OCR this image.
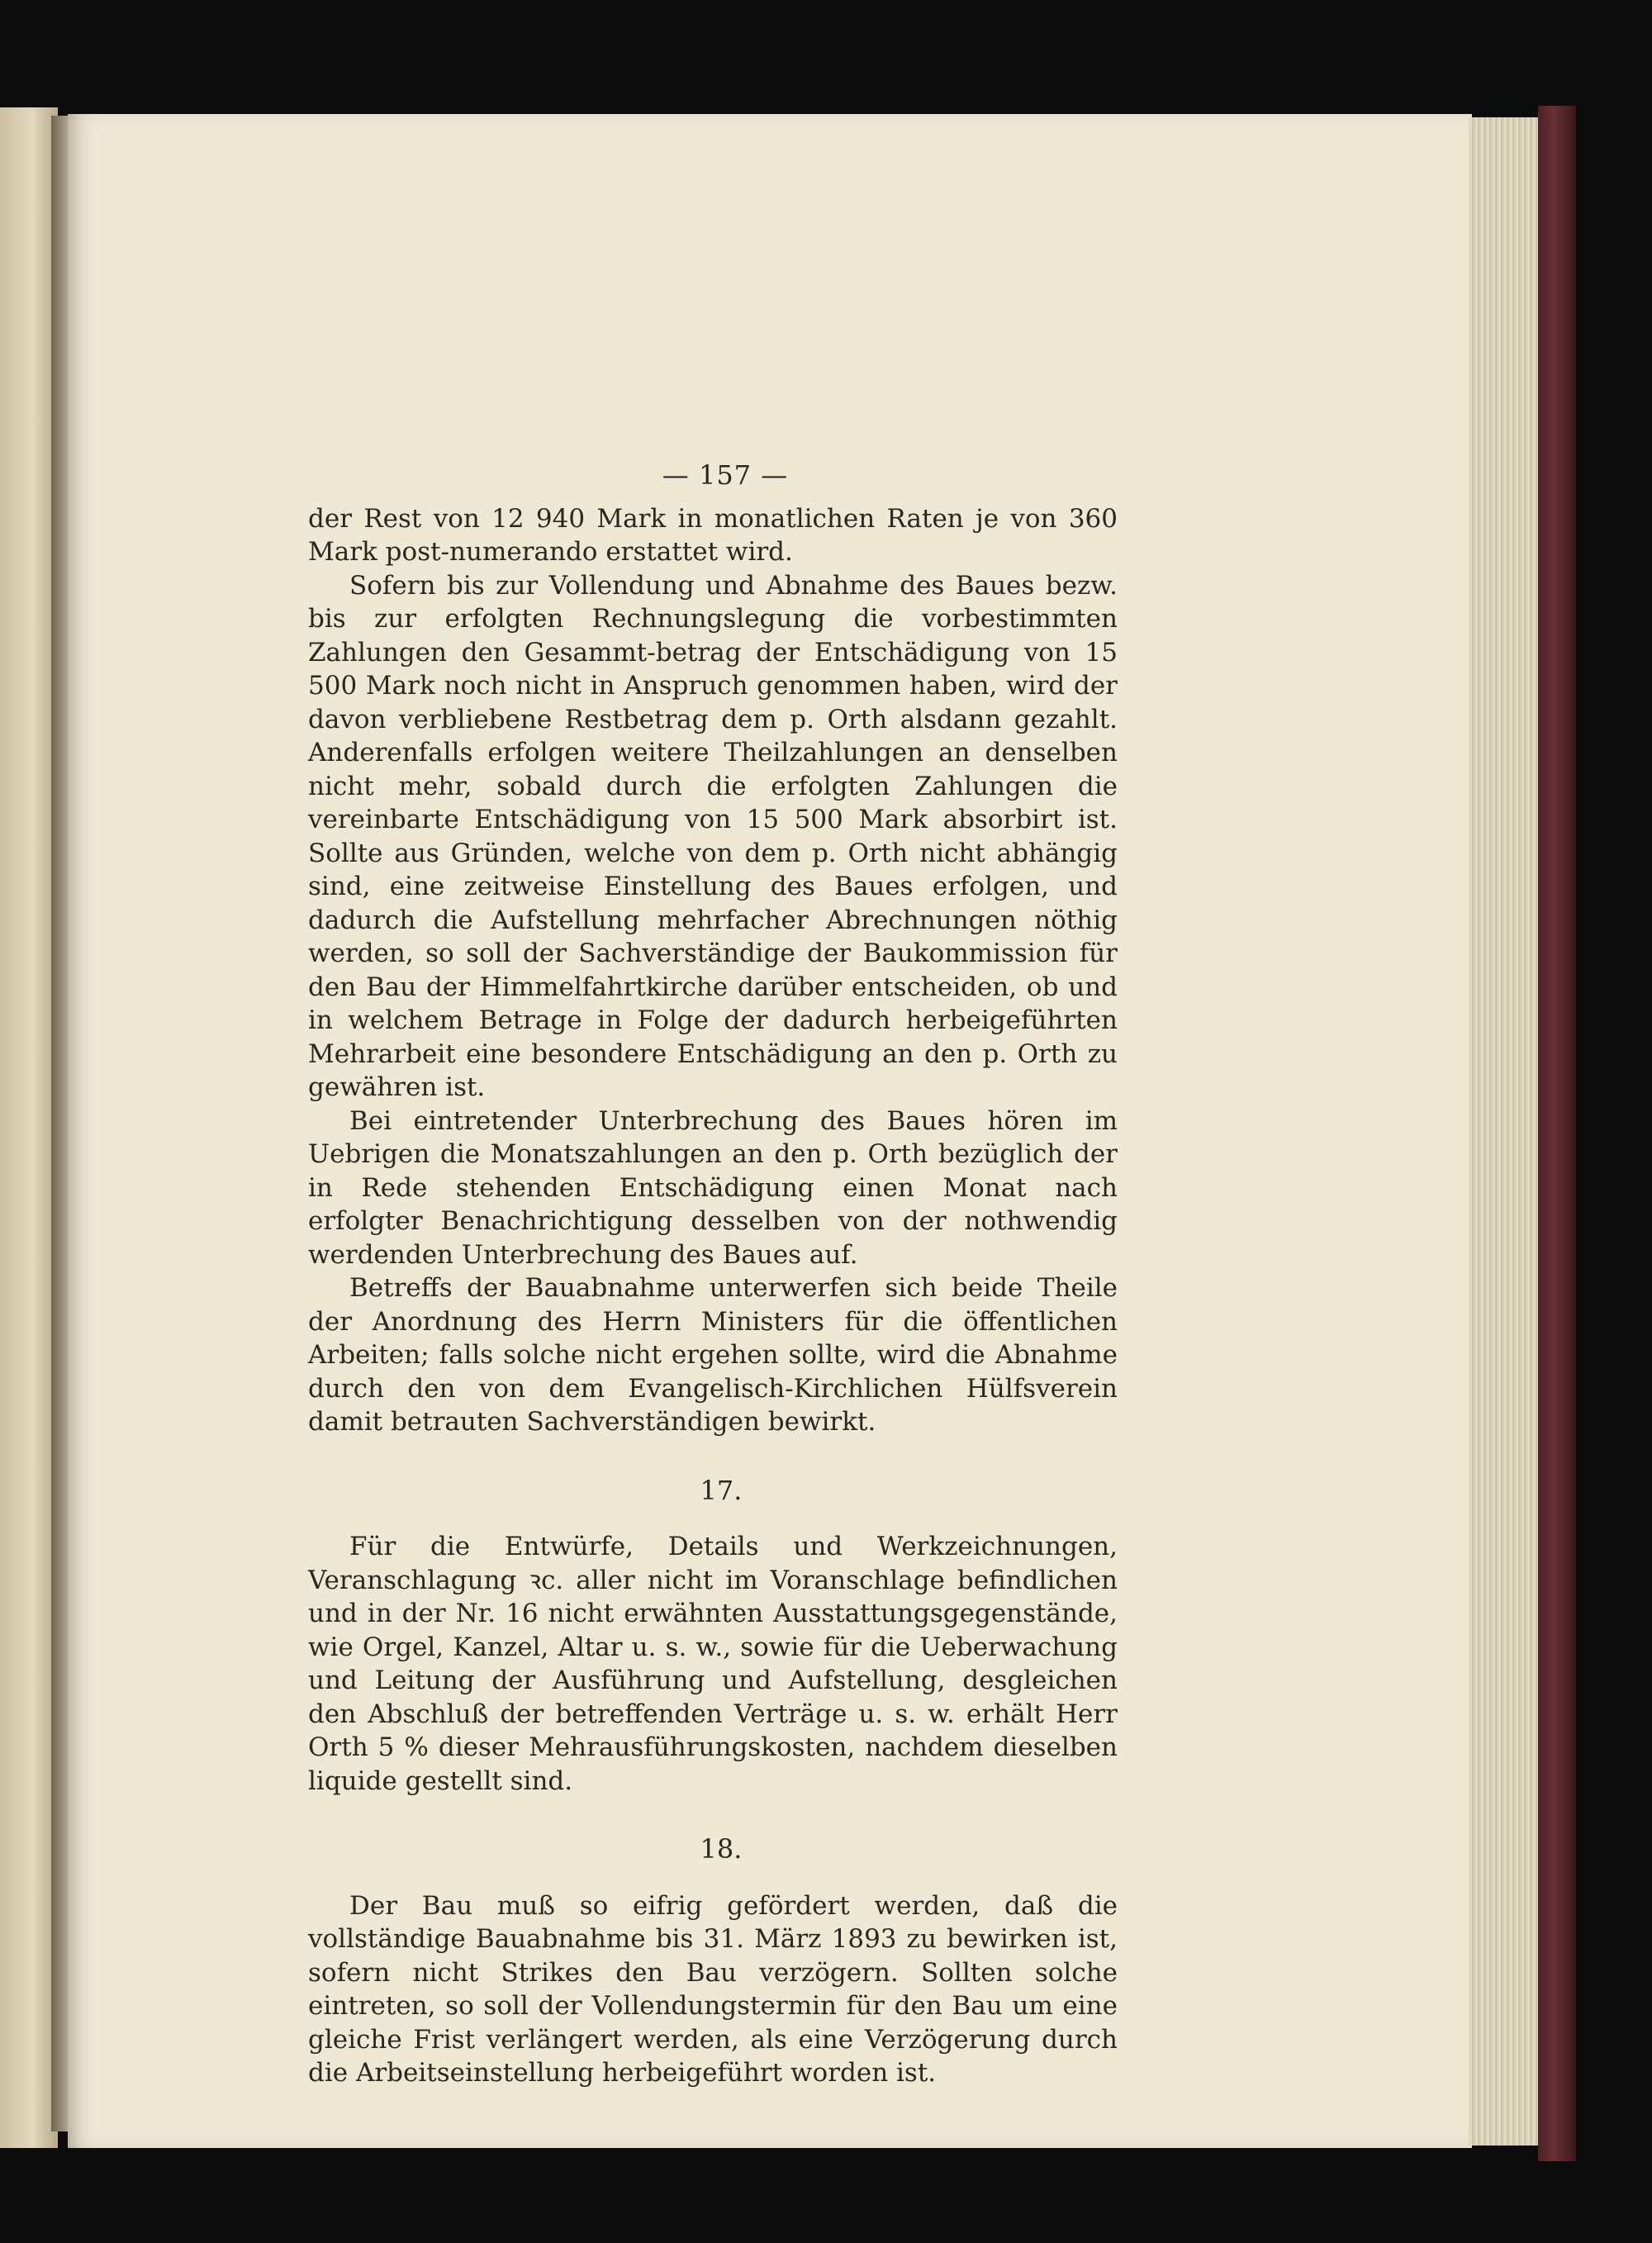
— 157 —

der Rest von 12 940 Mark in monatlichen Raten je von 360 Mark post-numerando erstattet wird.

Sofern bis zur Vollendung und Abnahme des Baues bezw. bis zur erfolgten Rechnungslegung die vorbestimmten Zahlungen den Gesammt-betrag der Entschädigung von 15 500 Mark noch nicht in Anspruch genommen haben, wird der davon verbliebene Restbetrag dem p. Orth alsdann gezahlt. Anderenfalls erfolgen weitere Theilzahlungen an denselben nicht mehr, sobald durch die erfolgten Zahlungen die vereinbarte Entschädigung von 15 500 Mark absorbirt ist. Sollte aus Gründen, welche von dem p. Orth nicht abhängig sind, eine zeitweise Einstellung des Baues erfolgen, und dadurch die Aufstellung mehrfacher Abrechnungen nöthig werden, so soll der Sachverständige der Baukommission für den Bau der Himmelfahrtkirche darüber entscheiden, ob und in welchem Betrage in Folge der dadurch herbeigeführten Mehrarbeit eine besondere Entschädigung an den p. Orth zu gewähren ist.

Bei eintretender Unterbrechung des Baues hören im Uebrigen die Monatszahlungen an den p. Orth bezüglich der in Rede stehenden Entschädigung einen Monat nach erfolgter Benachrichtigung desselben von der nothwendig werdenden Unterbrechung des Baues auf.

Betreffs der Bauabnahme unterwerfen sich beide Theile der Anordnung des Herrn Ministers für die öffentlichen Arbeiten; falls solche nicht ergehen sollte, wird die Abnahme durch den von dem Evangelisch-Kirchlichen Hülfsverein damit betrauten Sachverständigen bewirkt.

17.

Für die Entwürfe, Details und Werkzeichnungen, Veranschlagung ꝛc. aller nicht im Voranschlage befindlichen und in der Nr. 16 nicht erwähnten Ausstattungsgegenstände, wie Orgel, Kanzel, Altar u. s. w., sowie für die Ueberwachung und Leitung der Ausführung und Aufstellung, desgleichen den Abschluß der betreffenden Verträge u. s. w. erhält Herr Orth 5 % dieser Mehrausführungskosten, nachdem dieselben liquide gestellt sind.

18.

Der Bau muß so eifrig gefördert werden, daß die vollständige Bauabnahme bis 31. März 1893 zu bewirken ist, sofern nicht Strikes den Bau verzögern. Sollten solche eintreten, so soll der Vollendungstermin für den Bau um eine gleiche Frist verlängert werden, als eine Verzögerung durch die Arbeitseinstellung herbeigeführt worden ist.
